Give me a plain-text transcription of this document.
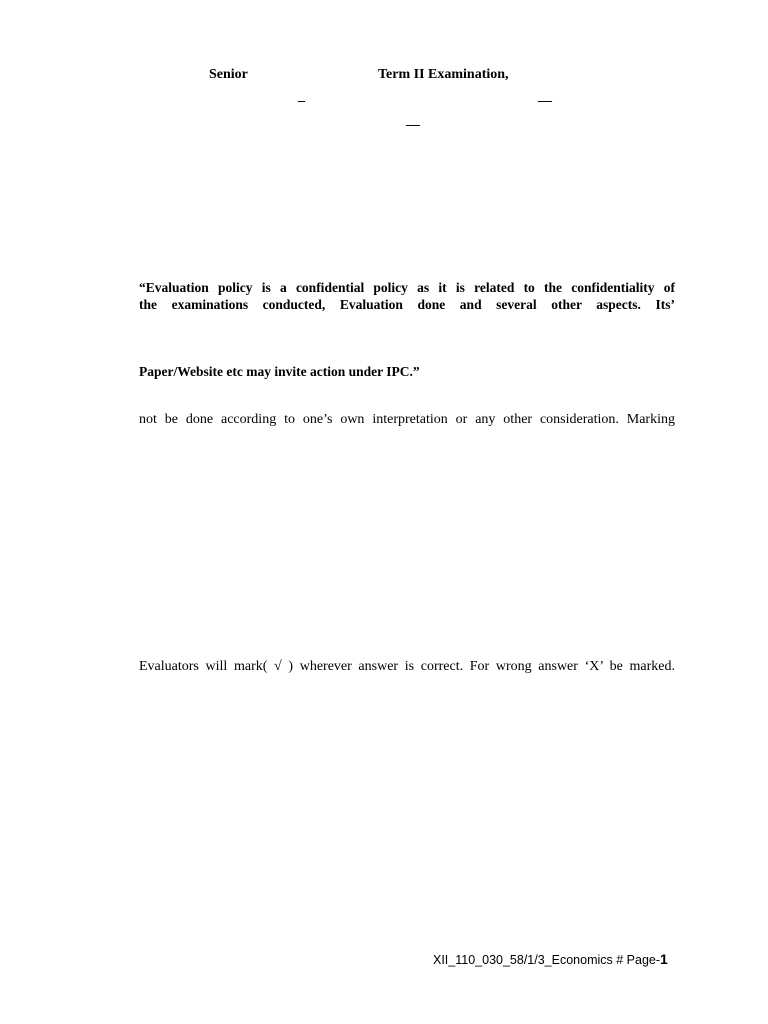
Senior	Term II Examination,
_	__
__
“Evaluation policy is a confidential policy as it is related to the confidentiality of
the examinations conducted, Evaluation done and several other aspects. Its’
Paper/Website etc may invite action under IPC.”
not be done according to one’s own interpretation or any other consideration. Marking
Evaluators will mark( √ ) wherever answer is correct. For wrong answer ‘X’ be marked.
XII_110_030_58/1/3_Economics # Page-1
